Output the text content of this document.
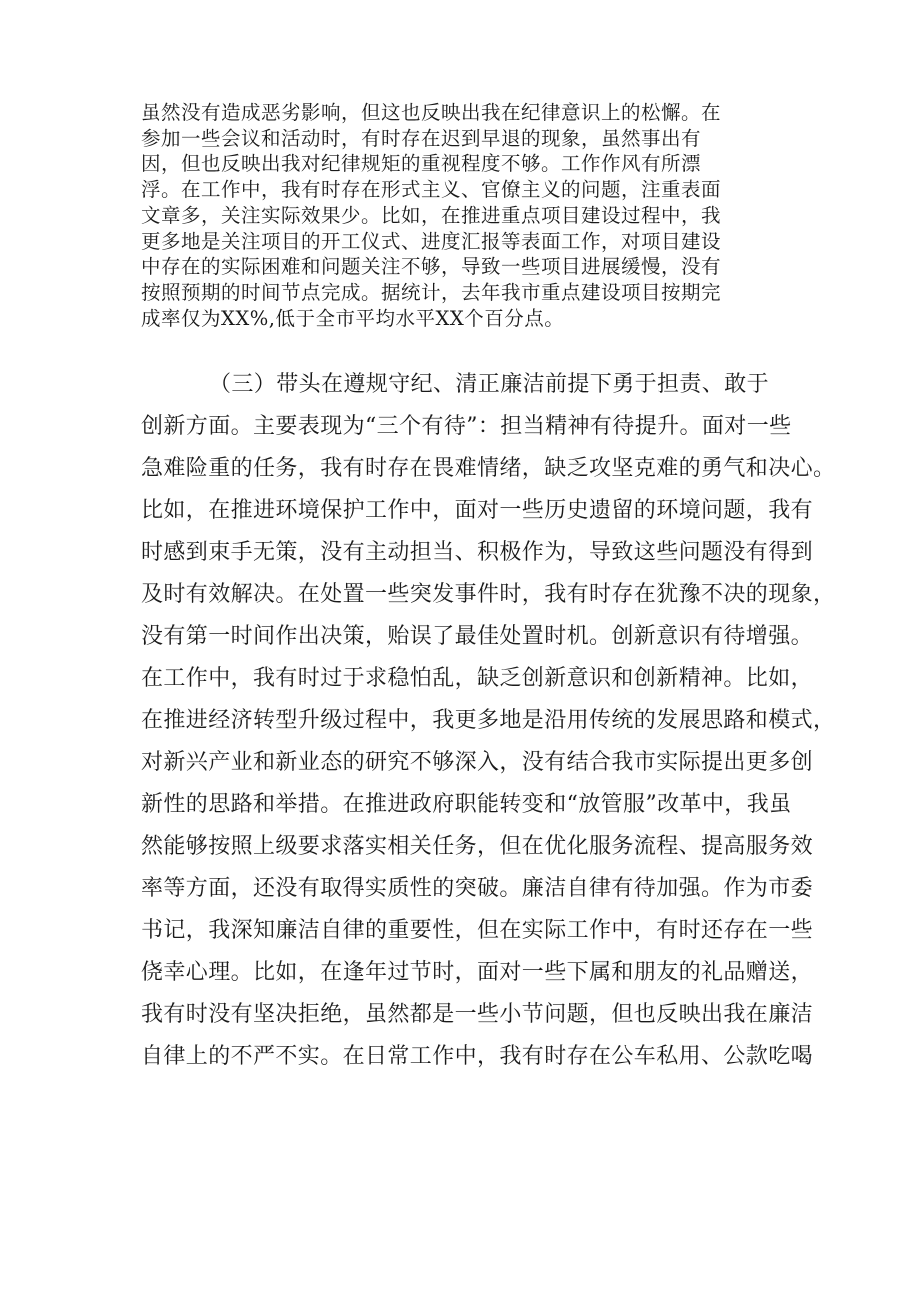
虽然没有造成恶劣影响，但这也反映出我在纪律意识上的松懈。在
参加一些会议和活动时，有时存在迟到早退的现象，虽然事出有
因，但也反映出我对纪律规矩的重视程度不够。工作作风有所漂
浮。在工作中，我有时存在形式主义、官僚主义的问题，注重表面
文章多，关注实际效果少。比如，在推进重点项目建设过程中，我
更多地是关注项目的开工仪式、进度汇报等表面工作，对项目建设
中存在的实际困难和问题关注不够，导致一些项目进展缓慢，没有
按照预期的时间节点完成。据统计，去年我市重点建设项目按期完
成率仅为XX%,低于全市平均水平XX个百分点。
（三）带头在遵规守纪、清正廉洁前提下勇于担责、敢于
创新方面。主要表现为“三个有待”：担当精神有待提升。面对一些
急难险重的任务，我有时存在畏难情绪，缺乏攻坚克难的勇气和决心。
比如，在推进环境保护工作中，面对一些历史遗留的环境问题，我有
时感到束手无策，没有主动担当、积极作为，导致这些问题没有得到
及时有效解决。在处置一些突发事件时，我有时存在犹豫不决的现象，
没有第一时间作出决策，贻误了最佳处置时机。创新意识有待增强。
在工作中，我有时过于求稳怕乱，缺乏创新意识和创新精神。比如，
在推进经济转型升级过程中，我更多地是沿用传统的发展思路和模式，
对新兴产业和新业态的研究不够深入，没有结合我市实际提出更多创
新性的思路和举措。在推进政府职能转变和“放管服”改革中，我虽
然能够按照上级要求落实相关任务，但在优化服务流程、提高服务效
率等方面，还没有取得实质性的突破。廉洁自律有待加强。作为市委
书记，我深知廉洁自律的重要性，但在实际工作中，有时还存在一些
侥幸心理。比如，在逢年过节时，面对一些下属和朋友的礼品赠送，
我有时没有坚决拒绝，虽然都是一些小节问题，但也反映出我在廉洁
自律上的不严不实。在日常工作中，我有时存在公车私用、公款吃喝
